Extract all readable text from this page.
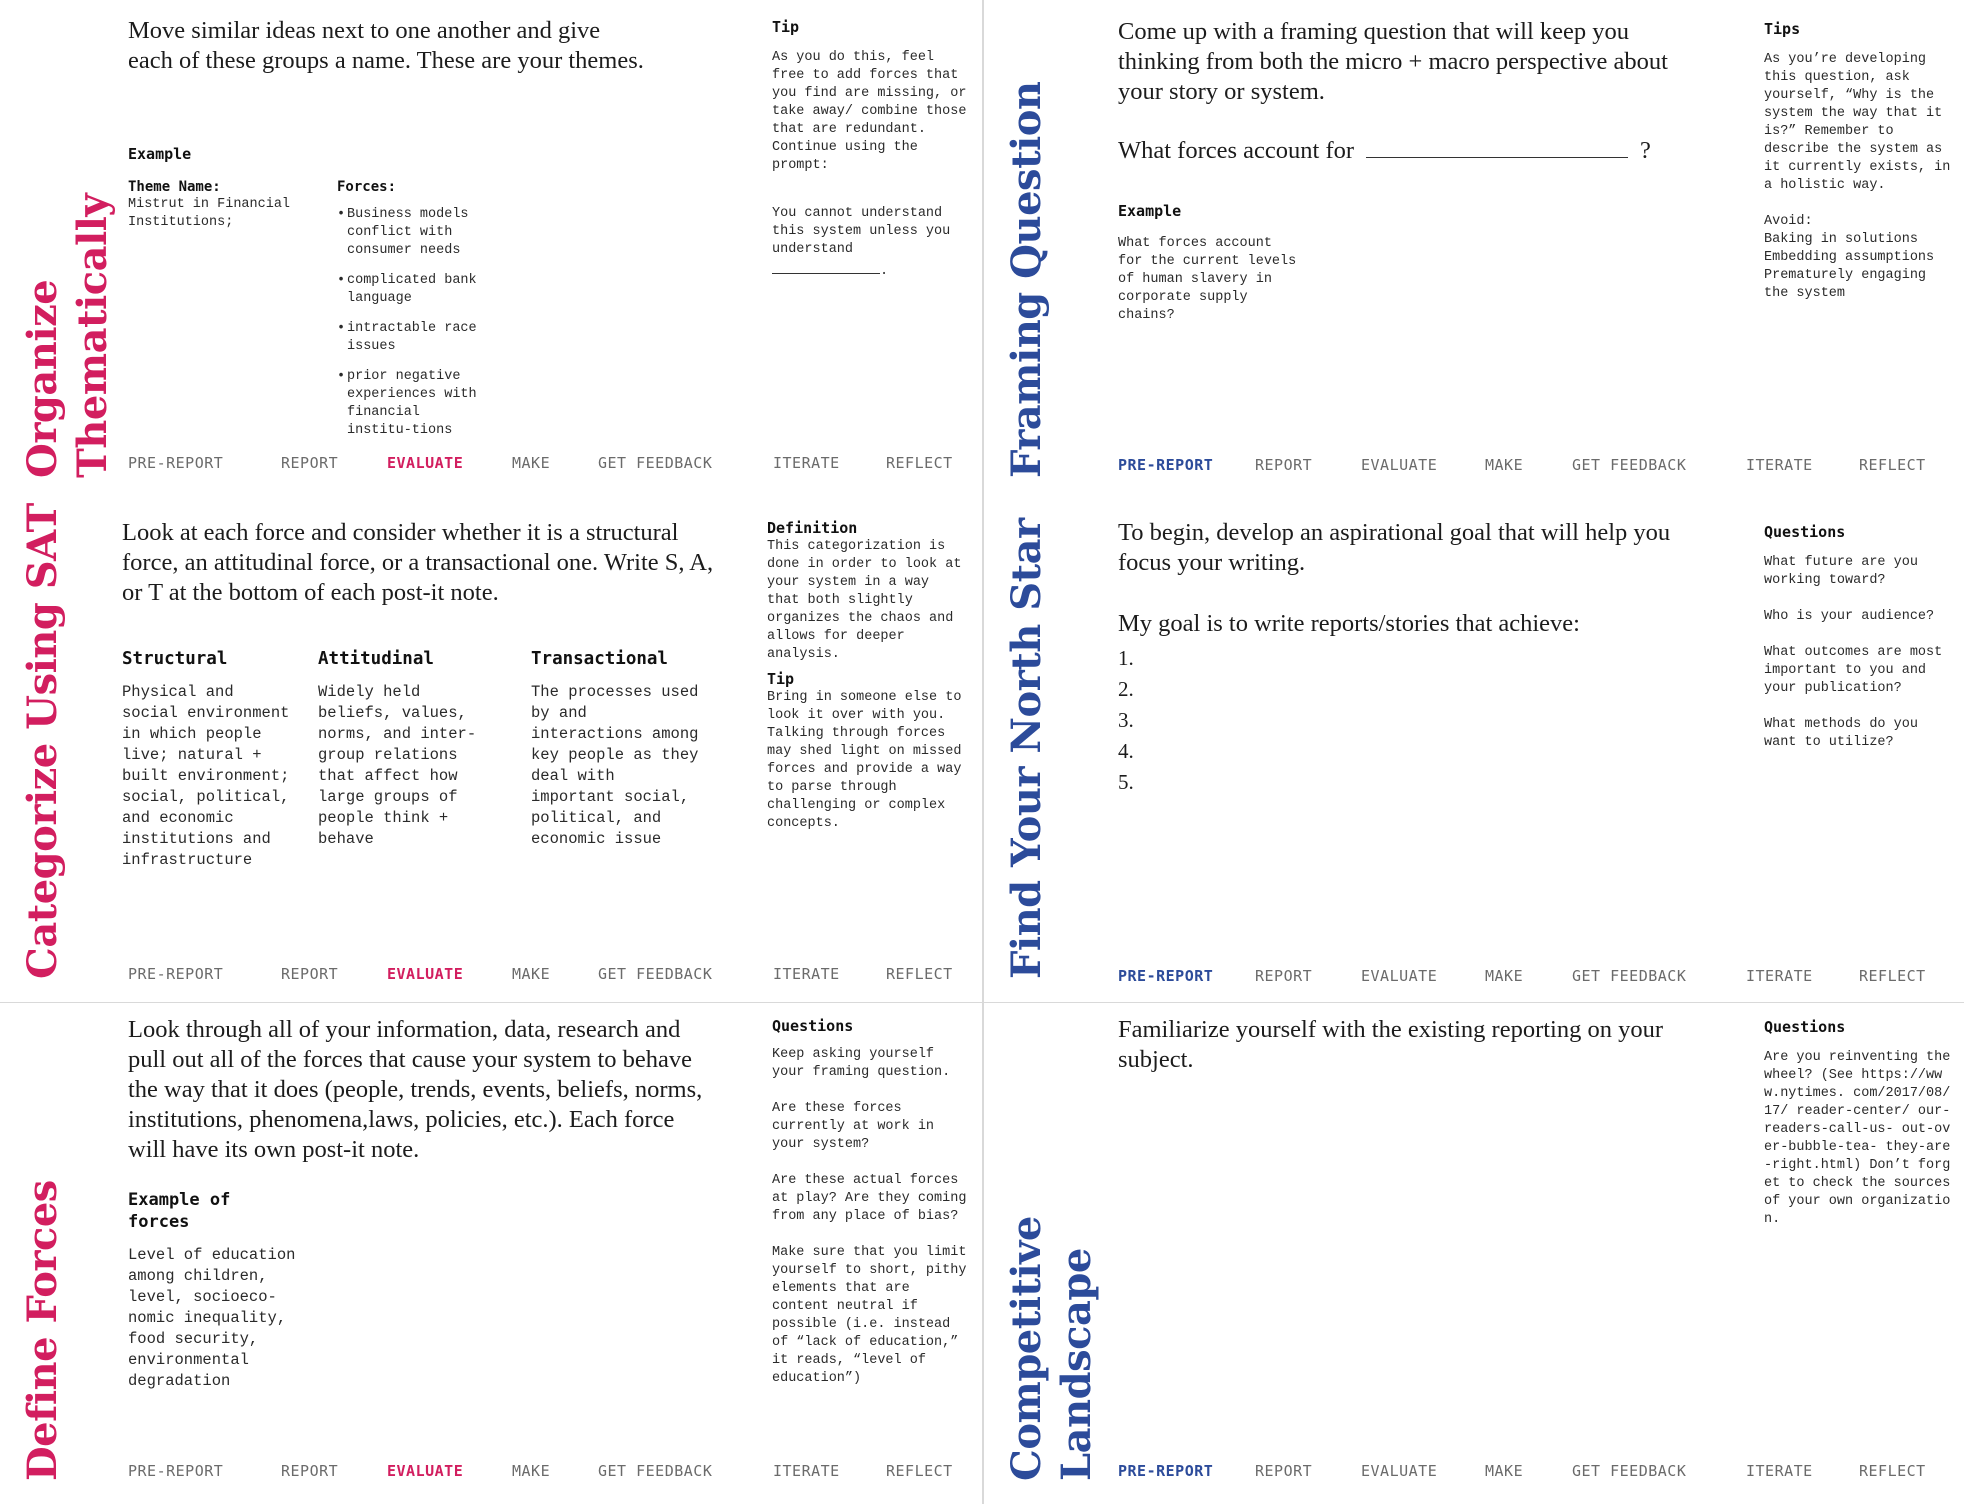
Organize Thematically
Move similar ideas next to one another and give each of these groups a name. These are your themes.
Example
Theme Name:
Mistrut in Financial Institutions;
Forces:
• Business models conflict with consumer needs
• complicated bank language
• intractable race issues
• prior negative experiences with financial institu-tions

Tip

As you do this, feel free to add forces that you find are missing, or take away/ combine those that are redundant. Continue using the prompt:

You cannot understand this system unless you understand

.

PRE-REPORT	REPORT	EVALUATE	MAKE	GET FEEDBACK	ITERATE	REFLECT Framing Question
Come up with a framing question that will keep you thinking from both the micro + macro perspective about your story or system.
What forces account for	?
Example
What forces account for the current levels of human slavery in corporate supply chains?

Tips

As you’re developing this question, ask yourself, “Why is the system the way that it is?” Remember to describe the system as it currently exists, in a holistic way.

Avoid:

Baking in solutions

Embedding assumptions

Prematurely engaging the system

PRE-REPORT	REPORT	EVALUATE	MAKE	GET FEEDBACK	ITERATE	REFLECT
Categorize Using SAT Look at each force and consider whether it is a structural force, an attitudinal force, or a transactional one. Write S, A, or T at the bottom of each post-it note.
Structural
Physical and social environment in which people live; natural + built environment; social, political, and economic institutions and infrastructure
Attitudinal
Widely held beliefs, values, norms, and inter-group relations that affect how large groups of people think + behave
Transactional
The processes used by and interactions among key people as they deal with important social, political, and economic issue

Definition

This categorization is done in order to look at your system in a way that both slightly organizes the chaos and allows for deeper analysis.

Tip

Bring in someone else to look it over with you. Talking through forces may shed light on missed forces and provide a way to parse through challenging or complex concepts.

PRE-REPORT	REPORT	EVALUATE	MAKE	GET FEEDBACK	ITERATE	REFLECT Find Your North Star	To begin, develop an aspirational goal that will help you focus your writing.
My goal is to write reports/stories that achieve:
1.
2.
3.
4.
5.

Questions

What future are you working toward?

Who is your audience?

What outcomes are most important to you and your publication?

What methods do you want to utilize?

PRE-REPORT	REPORT	EVALUATE	MAKE	GET FEEDBACK	ITERATE	REFLECT
Define Forces
Look through all of your information, data, research and pull out all of the forces that cause your system to behave the way that it does (people, trends, events, beliefs, norms, institutions, phenomena,laws, policies, etc.). Each force will have its own post-it note.
Example of forces
Level of education among children, level, socioeco-nomic inequality, food security, environmental degradation

Questions

Keep asking yourself your framing question.

Are these forces currently at work in your system?

Are these actual forces at play? Are they coming from any place of bias?

Make sure that you limit yourself to short, pithy elements that are content neutral if possible (i.e. instead of “lack of education,” it reads, “level of education”)

PRE-REPORT	REPORT	EVALUATE	MAKE	GET FEEDBACK	ITERATE	REFLECT Competitive Landscape
Familiarize yourself with the existing reporting on your subject.

Questions

Are you reinventing the wheel? (See https://www.nytimes. com/2017/08/17/ reader-center/ our-readers-call-us- out-over-bubble-tea- they-are-right.html) Don’t forget to check the sources of your own organization.

PRE-REPORT	REPORT	EVALUATE	MAKE	GET FEEDBACK	ITERATE	REFLECT
